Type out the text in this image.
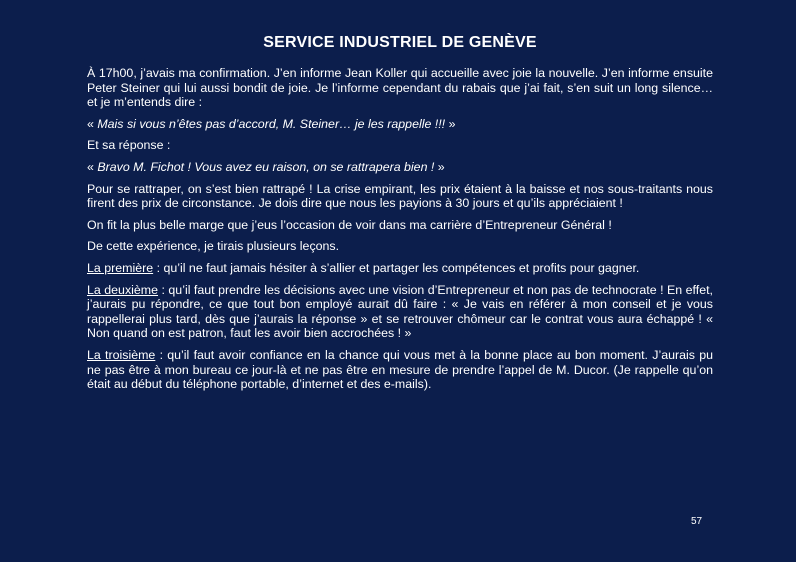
SERVICE INDUSTRIEL DE GENÈVE

À 17h00, j’avais ma confirmation. J’en informe Jean Koller qui accueille avec joie la nouvelle. J’en informe ensuite Peter Steiner qui lui aussi bondit de joie. Je l’informe cependant du rabais que j’ai fait, s’en suit un long silence… et je m’entends dire :

« Mais si vous n’êtes pas d’accord, M. Steiner… je les rappelle !!! »

Et sa réponse :

« Bravo M. Fichot ! Vous avez eu raison, on se rattrapera bien ! »

Pour se rattraper, on s’est bien rattrapé ! La crise empirant, les prix étaient à la baisse et nos sous-traitants nous firent des prix de circonstance. Je dois dire que nous les payions à 30 jours et qu’ils appréciaient !

On fit la plus belle marge que j’eus l’occasion de voir dans ma carrière d’Entrepreneur Général !

De cette expérience, je tirais plusieurs leçons.

La première : qu’il ne faut jamais hésiter à s’allier et partager les compétences et profits pour gagner.

La deuxième : qu’il faut prendre les décisions avec une vision d’Entrepreneur et non pas de technocrate ! En effet, j’aurais pu répondre, ce que tout bon employé aurait dû faire : « Je vais en référer à mon conseil et je vous rappellerai plus tard, dès que j’aurais la réponse » et se retrouver chômeur car le contrat vous aura échappé ! « Non quand on est patron, faut les avoir bien accrochées ! »

La troisième : qu’il faut avoir confiance en la chance qui vous met à la bonne place au bon moment. J’aurais pu ne pas être à mon bureau ce jour-là et ne pas être en mesure de prendre l’appel de M. Ducor. (Je rappelle qu’on était au début du téléphone portable, d’internet et des e-mails).

57
